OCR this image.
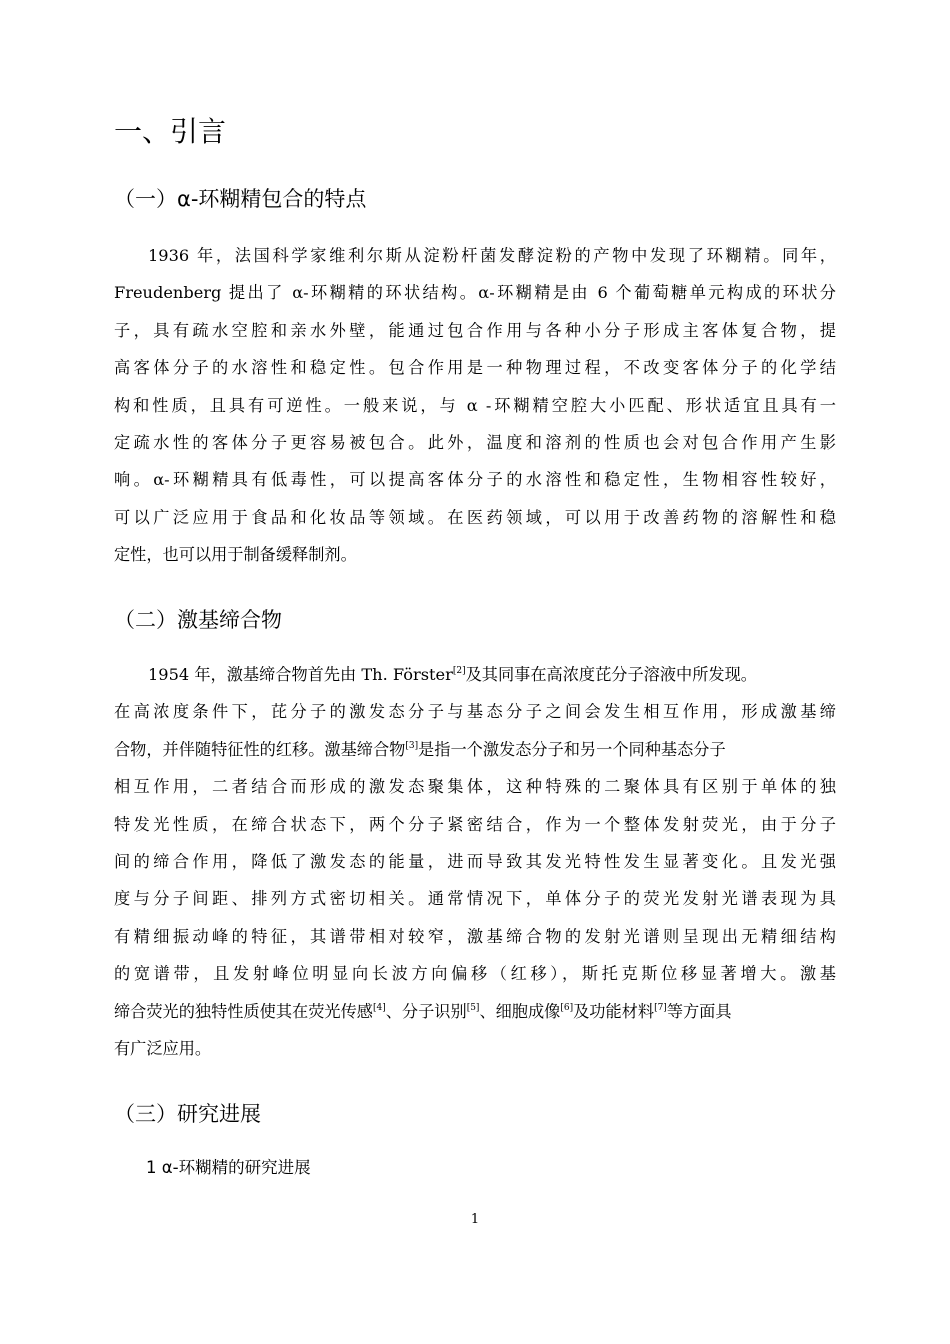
一、引言
（一）α-环糊精包合的特点
1936 年，法国科学家维利尔斯从淀粉杆菌发酵淀粉的产物中发现了环糊精。同年，
Freudenberg 提出了 α-环糊精的环状结构。α-环糊精是由 6 个葡萄糖单元构成的环状分
子，具有疏水空腔和亲水外壁，能通过包合作用与各种小分子形成主客体复合物，提
高客体分子的水溶性和稳定性。包合作用是一种物理过程，不改变客体分子的化学结
构和性质，且具有可逆性。一般来说，与 α -环糊精空腔大小匹配、形状适宜且具有一
定疏水性的客体分子更容易被包合。此外，温度和溶剂的性质也会对包合作用产生影
响。α-环糊精具有低毒性，可以提高客体分子的水溶性和稳定性，生物相容性较好，
可以广泛应用于食品和化妆品等领域。在医药领域，可以用于改善药物的溶解性和稳
定性，也可以用于制备缓释制剂。
（二）激基缔合物
1954 年，激基缔合物首先由 Th. Förster[2]及其同事在高浓度芘分子溶液中所发现。
在高浓度条件下，芘分子的激发态分子与基态分子之间会发生相互作用，形成激基缔
合物，并伴随特征性的红移。激基缔合物[3]是指一个激发态分子和另一个同种基态分子
相互作用，二者结合而形成的激发态聚集体，这种特殊的二聚体具有区别于单体的独
特发光性质，在缔合状态下，两个分子紧密结合，作为一个整体发射荧光，由于分子
间的缔合作用，降低了激发态的能量，进而导致其发光特性发生显著变化。且发光强
度与分子间距、排列方式密切相关。通常情况下，单体分子的荧光发射光谱表现为具
有精细振动峰的特征，其谱带相对较窄，激基缔合物的发射光谱则呈现出无精细结构
的宽谱带，且发射峰位明显向长波方向偏移（红移），斯托克斯位移显著增大。激基
缔合荧光的独特性质使其在荧光传感[4]、分子识别[5]、细胞成像[6]及功能材料[7]等方面具
有广泛应用。
（三）研究进展
1 α-环糊精的研究进展
1
